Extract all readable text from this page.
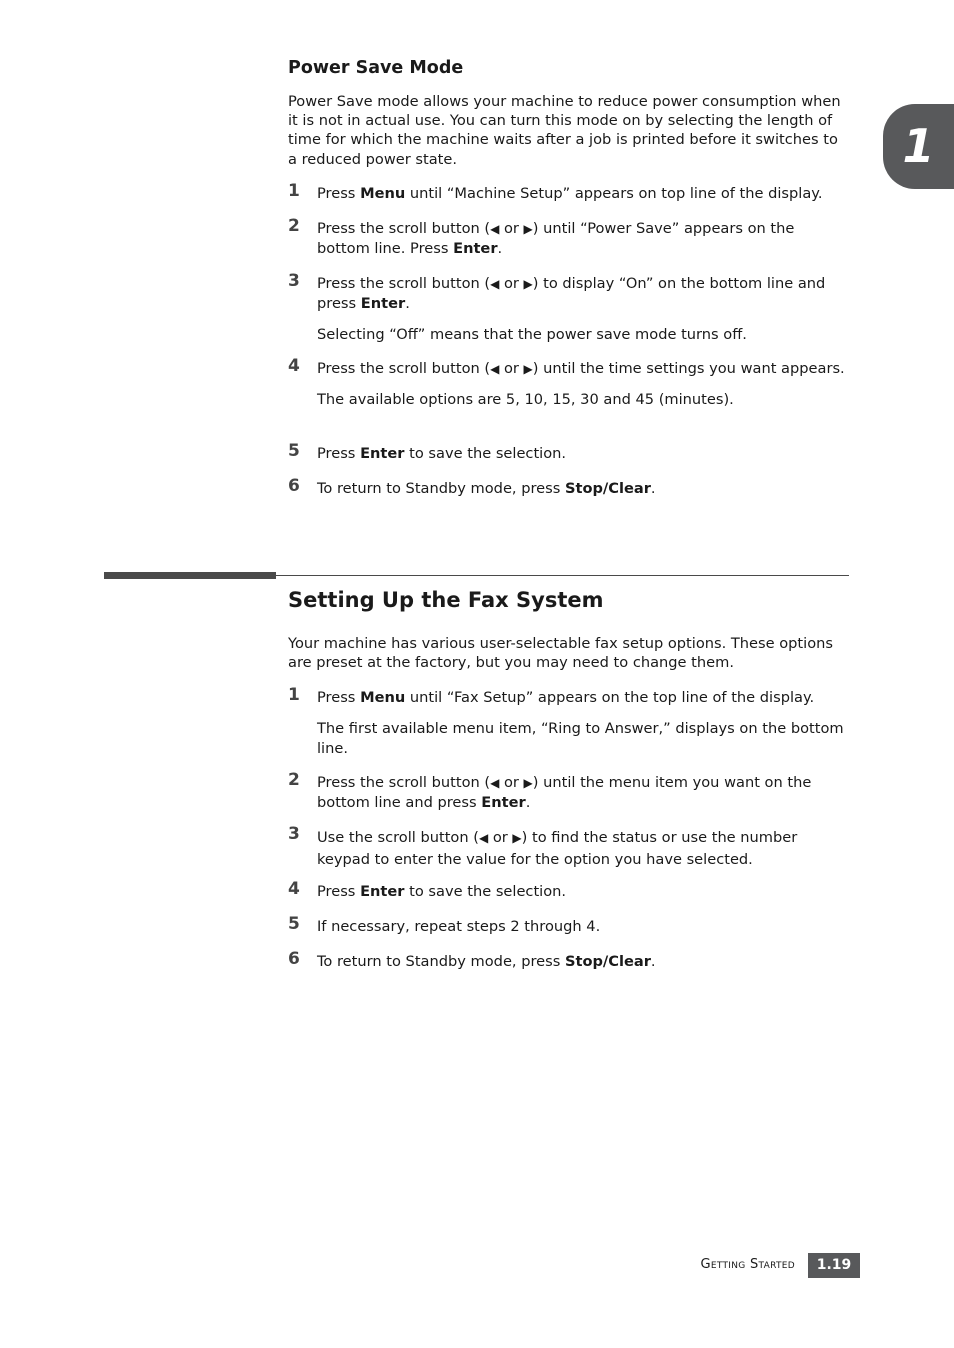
1
Power Save Mode

Power Save mode allows your machine to reduce power consumption when it is not in actual use. You can turn this mode on by selecting the length of time for which the machine waits after a job is printed before it switches to a reduced power state.

1	Press Menu until “Machine Setup” appears on top line of the display.
2	Press the scroll button (◀ or ▶) until “Power Save” appears on the bottom line. Press Enter.
3	Press the scroll button (◀ or ▶) to display “On” on the bottom line and press Enter.
Selecting “Off” means that the power save mode turns off.
4	Press the scroll button (◀ or ▶) until the time settings you want appears.
The available options are 5, 10, 15, 30 and 45 (minutes).
5	Press Enter to save the selection.
6	To return to Standby mode, press Stop/Clear.
Setting Up the Fax System

Your machine has various user-selectable fax setup options. These options are preset at the factory, but you may need to change them.

1	Press Menu until “Fax Setup” appears on the top line of the display.
The first available menu item, “Ring to Answer,” displays on the bottom line.
2	Press the scroll button (◀ or ▶) until the menu item you want on the bottom line and press Enter.
3	Use the scroll button (◀ or ▶) to find the status or use the number keypad to enter the value for the option you have selected.
4	Press Enter to save the selection.
5	If necessary, repeat steps 2 through 4.
6	To return to Standby mode, press Stop/Clear.
Getting Started	1.19
